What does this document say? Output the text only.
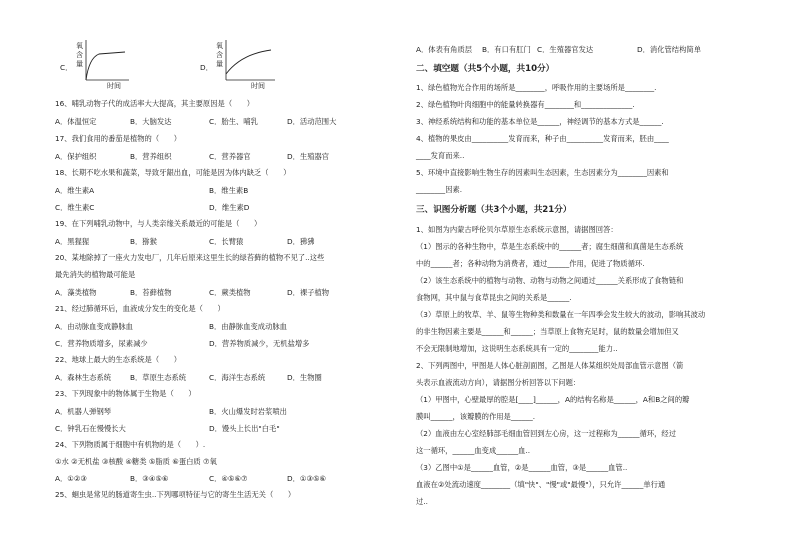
C．
氧
含
量
时间
D．
氧
含
量
时间
16、哺乳动物子代的成活率大大提高，其主要原因是（　　）
A．体温恒定	B．大脑发达	C．胎生、哺乳	D．活动范围大
17、我们食用的番茄是植物的（　　）
A．保护组织	B．营养组织	C．营养器官	D．生殖器官
18、长期不吃水果和蔬菜，导致牙龈出血，可能是因为体内缺乏（　　）
A．维生素A	B．维生素B
C．维生素C	D．维生素D
19、在下列哺乳动物中，与人类亲缘关系最近的可能是（　　）
A．黑猩猩	B．猕猴	C．长臂猿	D．狒狒
20、某地除掉了一座火力发电厂，几年后原来这里生长的绿苔藓的植物不见了..这些
最先消失的植物最可能是
A．藻类植物	B．苔藓植物	C．蕨类植物	D．裸子植物
21、经过肺循环后，血液成分发生的变化是（　　）
A．由动脉血变成静脉血	B．由静脉血变成动脉血
C．营养物质增多，尿素减少	D．营养物质减少，无机盐增多
22、地球上最大的生态系统是（　　）
A．森林生态系统	B．草原生态系统	C．海洋生态系统	D．生物圈
23、下列现象中的物体属于生物是（　　）
A．机器人弹钢琴	B．火山爆发时岩浆喷出
C．钟乳石在慢慢长大	D．馒头上长出"白毛"
24、下列物质属于细胞中有机物的是（　　）.
①水 ②无机盐 ③核酸 ④糖类 ⑤脂质 ⑥蛋白质 ⑦氧
A．①②③	B．③④⑤⑥	C．④⑤⑥⑦	D．①③⑤⑥
25、蛔虫是常见的肠道寄生虫..下列哪项特征与它的寄生生活无关（　　）
A．体表有角质层 B．有口有肛门 C．生殖器官发达	D．消化管结构简单
二、填空题（共5个小题，共10分）
1、绿色植物光合作用的场所是________，呼吸作用的主要场所是________.
2、绿色植物叶肉细胞中的能量转换器有________和______________.
3、神经系统结构和功能的基本单位是______，神经调节的基本方式是______.
4、植物的果皮由__________发育而来，种子由__________发育而来，胚由____
____发育而来..
5、环境中直接影响生物生存的因素叫生态因素，生态因素分为________因素和
________因素.
三、识图分析题（共3个小题，共21分）
1、如图为内蒙古呼伦贝尔草原生态系统示意图，请据图回答：
（1）图示的各种生物中，草是生态系统中的______者；腐生细菌和真菌是生态系统
中的______者；各种动物为消费者，通过______作用，促进了物质循环.
（2）该生态系统中的植物与动物、动物与动物之间通过______关系形成了食物链和
食物网，其中鼠与食草昆虫之间的关系是______.
（3）草原上的牧草、羊、鼠等生物种类和数量在一年四季会发生较大的波动，影响其波动
的非生物因素主要是______和______；当草原上食物充足时，鼠的数量会增加但又
不会无限制地增加，这说明生态系统具有一定的________能力..
2、下列两图中，甲图是人体心脏剖面图，乙图是人体某组织处局部血管示意图（箭
头表示血液流动方向），请据图分析回答以下问题：
（1）甲图中，心壁最厚的腔是[____]______，A的结构名称是______，A和B之间的瓣
膜叫______，该瓣膜的作用是______.
（2）血液由左心室经肺部毛细血管回到左心房，这一过程称为______循环，经过
这一循环，______血变成______血..
（3）乙图中①是______血管，②是______血管，③是______血管..
血液在②处流动速度________（填"快"、"慢"或"最慢"），只允许______单行通
过..
